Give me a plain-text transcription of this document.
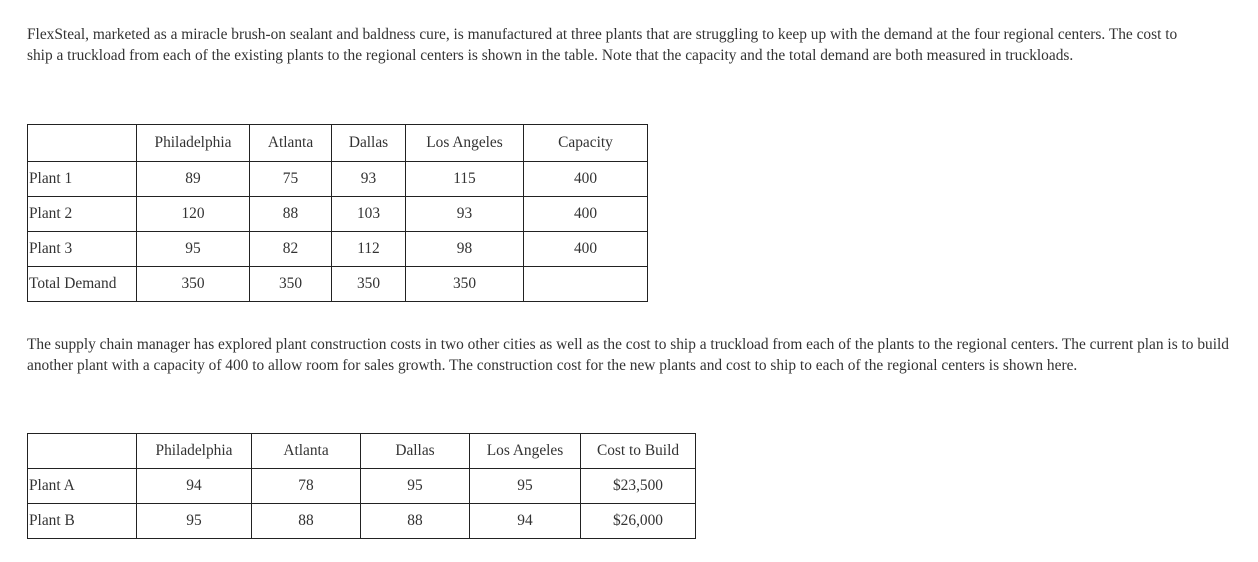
FlexSteal, marketed as a miracle brush-on sealant and baldness cure, is manufactured at three plants that are struggling to keep up with the demand at the four regional centers. The cost to ship a truckload from each of the existing plants to the regional centers is shown in the table. Note that the capacity and the total demand are both measured in truckloads.

	Philadelphia	Atlanta	Dallas	Los Angeles	Capacity
Plant 1	89	75	93	115	400
Plant 2	120	88	103	93	400
Plant 3	95	82	112	98	400
Total Demand	350	350	350	350	

The supply chain manager has explored plant construction costs in two other cities as well as the cost to ship a truckload from each of the plants to the regional centers. The current plan is to build another plant with a capacity of 400 to allow room for sales growth. The construction cost for the new plants and cost to ship to each of the regional centers is shown here.

	Philadelphia	Atlanta	Dallas	Los Angeles	Cost to Build
Plant A	94	78	95	95	$23,500
Plant B	95	88	88	94	$26,000
